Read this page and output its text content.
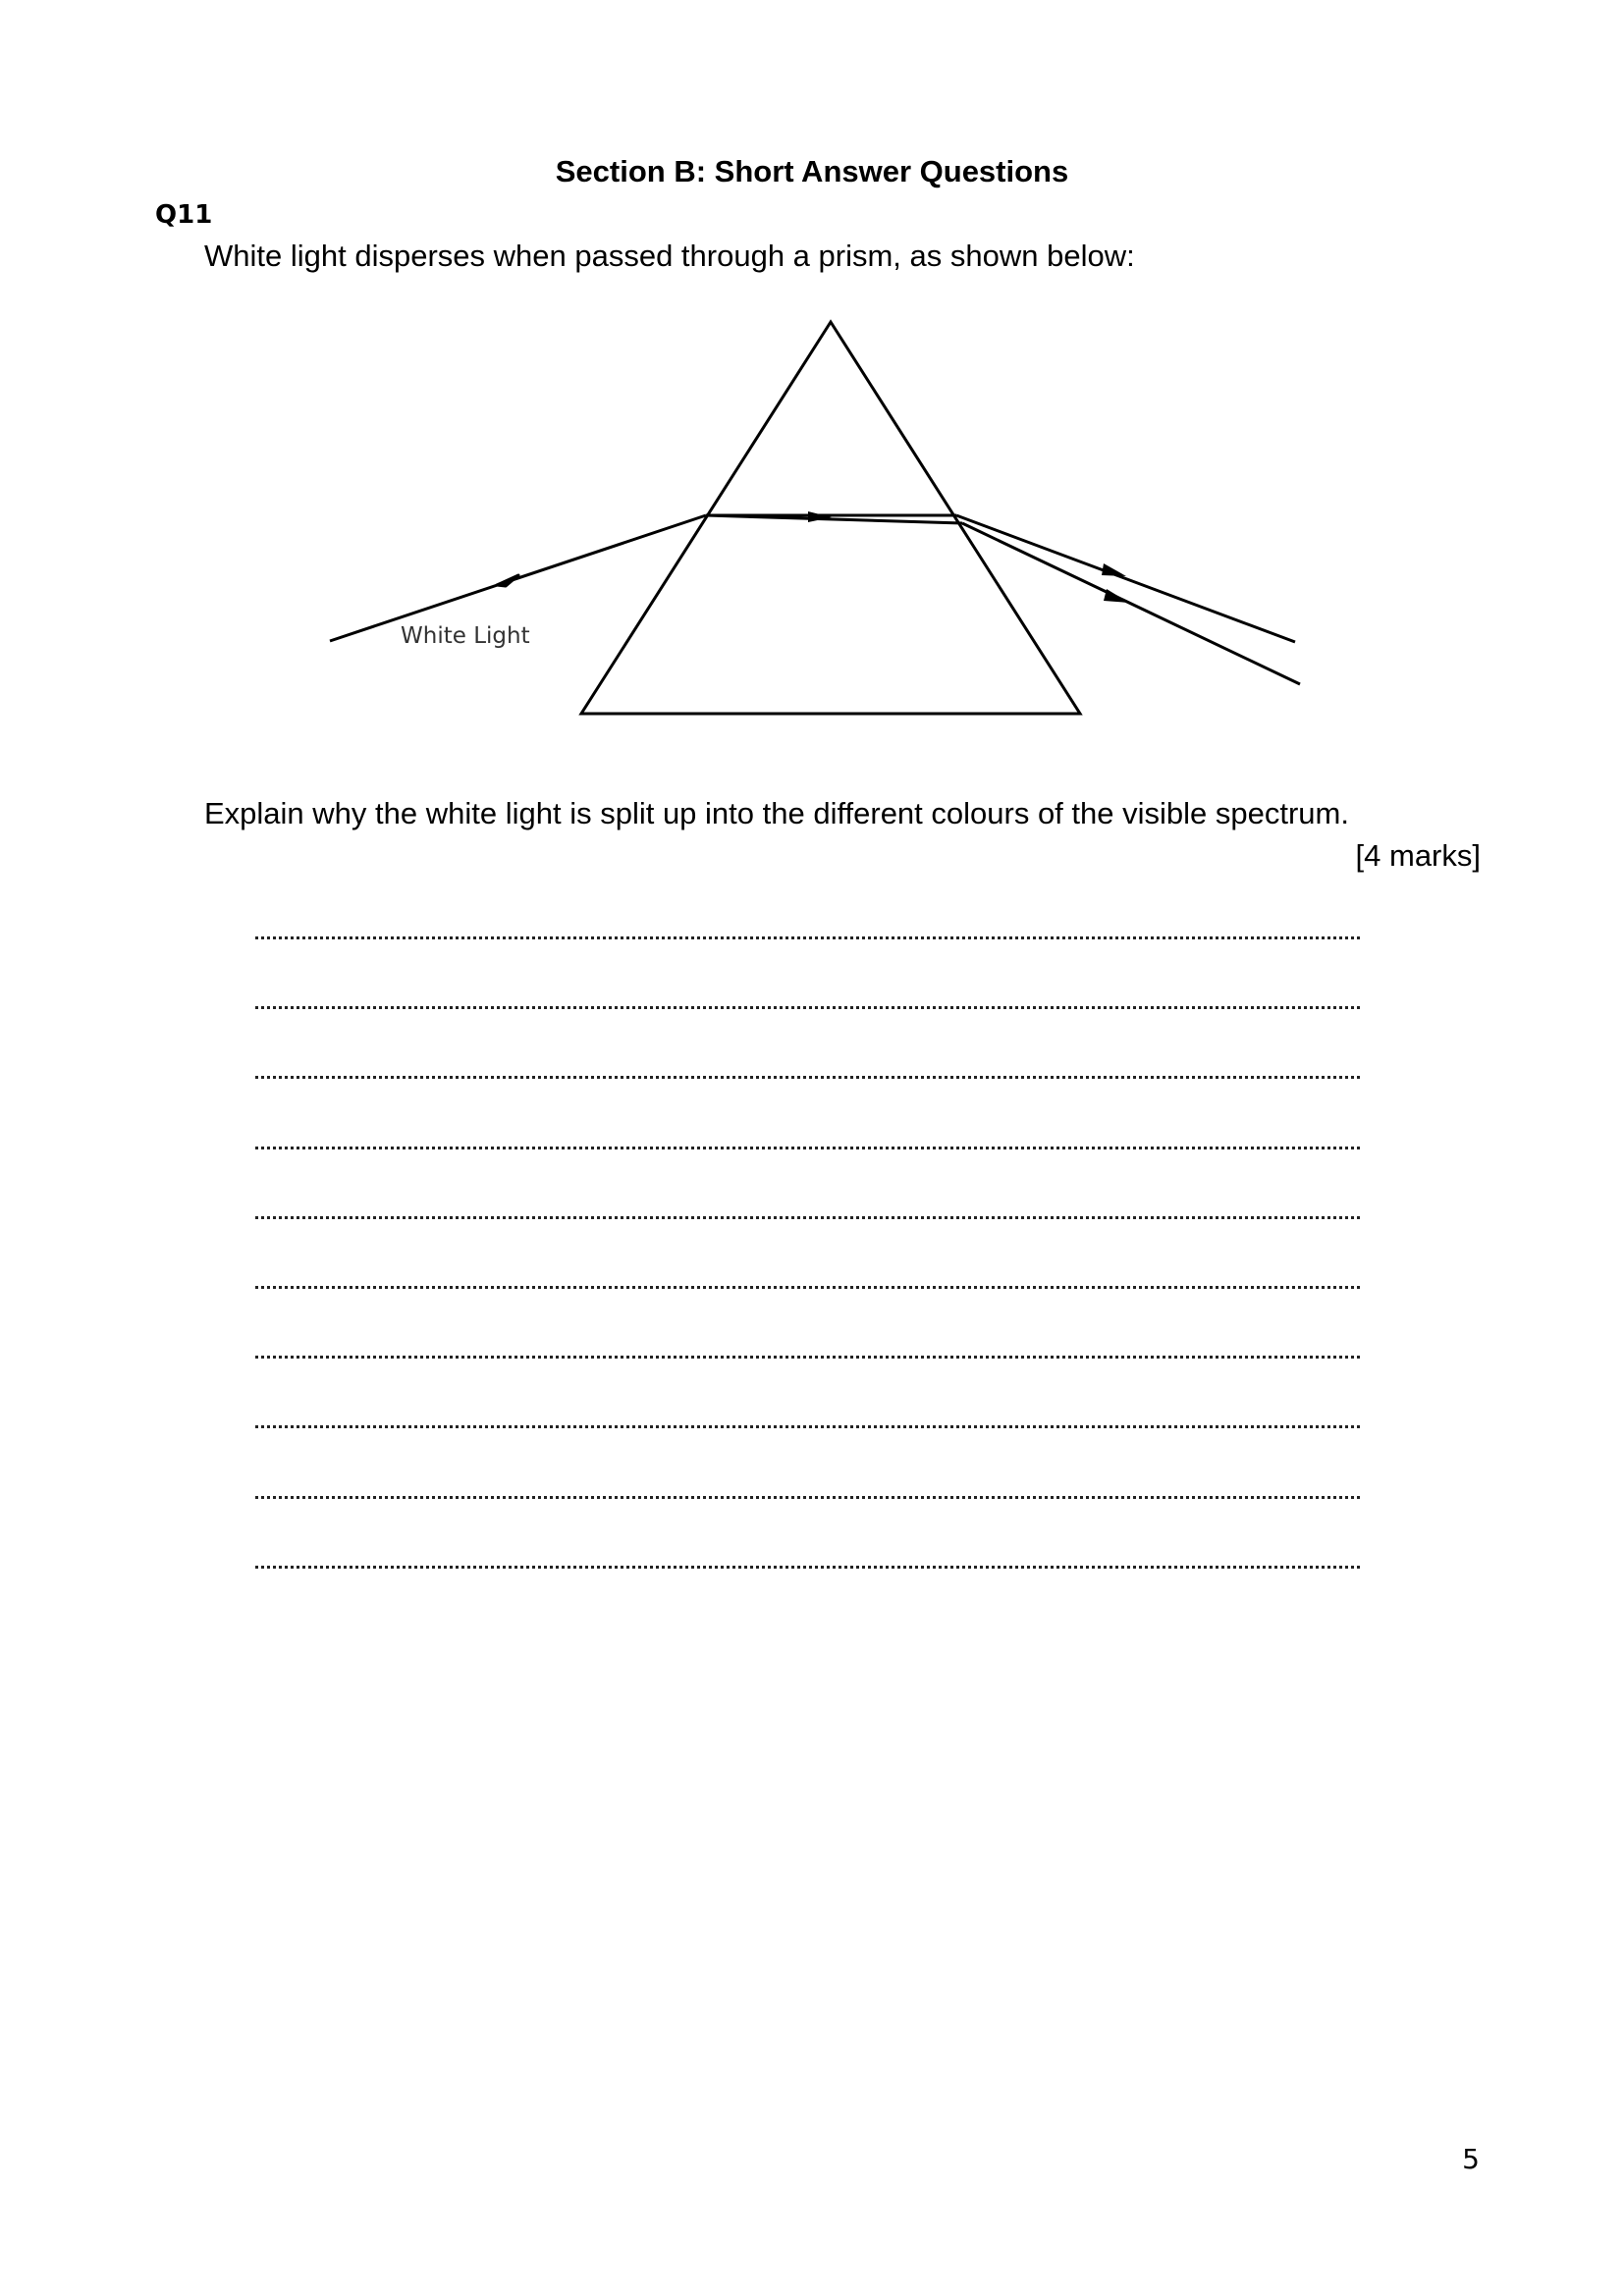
Section B: Short Answer Questions
Q11
White light disperses when passed through a prism, as shown below:
White Light
Explain why the white light is split up into the different colours of the visible spectrum.
[4 marks]
5
